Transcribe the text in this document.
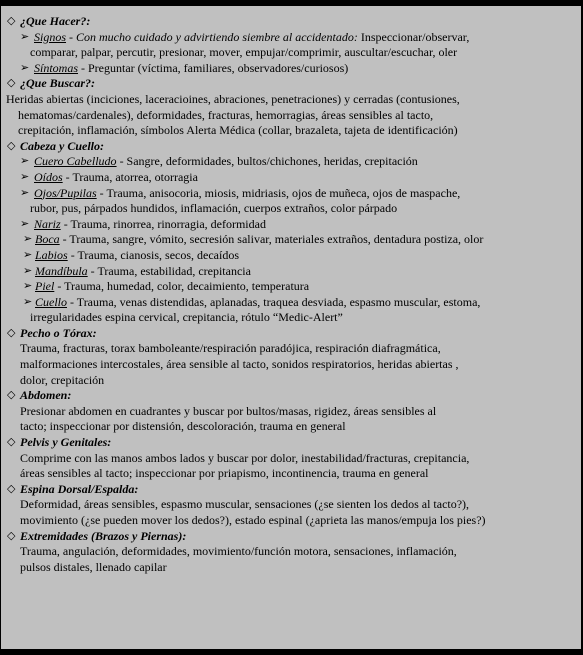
◇ ¿Que Hacer?:
➢ Signos - Con mucho cuidado y advirtiendo siembre al accidentado: Inspeccionar/observar,
comparar, palpar, percutir, presionar, mover, empujar/comprimir, auscultar/escuchar, oler
➢ Síntomas - Preguntar (víctima, familiares, observadores/curiosos)
◇ ¿Que Buscar?:
Heridas abiertas (inciciones, laceracioines, abraciones, penetraciones) y cerradas (contusiones,
hematomas/cardenales), deformidades, fracturas, hemorragias, áreas sensibles al tacto,
crepitación, inflamación, símbolos Alerta Médica (collar, brazaleta, tajeta de identificación)
◇ Cabeza y Cuello:
➢ Cuero Cabelludo - Sangre, deformidades, bultos/chichones, heridas, crepitación
➢ Oídos - Trauma, atorrea, otorragia
➢ Ojos/Pupilas - Trauma, anisocoria, miosis, midriasis, ojos de muñeca, ojos de maspache,
rubor, pus, párpados hundidos, inflamación, cuerpos extraños, color párpado
➢ Nariz - Trauma, rinorrea, rinorragia, deformidad
➢ Boca - Trauma, sangre, vómito, secresión salivar, materiales extraños, dentadura postiza, olor
➢ Labios - Trauma, cianosis, secos, decaídos
➢ Mandíbula - Trauma, estabilidad, crepitancia
➢ Piel - Trauma, humedad, color, decaimiento, temperatura
➢ Cuello - Trauma, venas distendidas, aplanadas, traquea desviada, espasmo muscular, estoma,
irregularidades espina cervical, crepitancia, rótulo “Medic-Alert”
◇ Pecho o Tórax:
Trauma, fracturas, torax bamboleante/respiración paradójica, respiración diafragmática,
malformaciones intercostales, área sensible al tacto, sonidos respiratorios, heridas abiertas ,
dolor, crepitación
◇ Abdomen:
Presionar abdomen en cuadrantes y buscar por bultos/masas, rigidez, áreas sensibles al
tacto; inspeccionar por distensión, descoloración, trauma en general
◇ Pelvis y Genitales:
Comprime con las manos ambos lados y buscar por dolor, inestabilidad/fracturas, crepitancia,
áreas sensibles al tacto; inspeccionar por priapismo, incontinencia, trauma en general
◇ Espina Dorsal/Espalda:
Deformidad, áreas sensibles, espasmo muscular, sensaciones (¿se sienten los dedos al tacto?),
movimiento (¿se pueden mover los dedos?), estado espinal (¿aprieta las manos/empuja los pies?)
◇ Extremidades (Brazos y Piernas):
Trauma, angulación, deformidades, movimiento/función motora, sensaciones, inflamación,
pulsos distales, llenado capilar
